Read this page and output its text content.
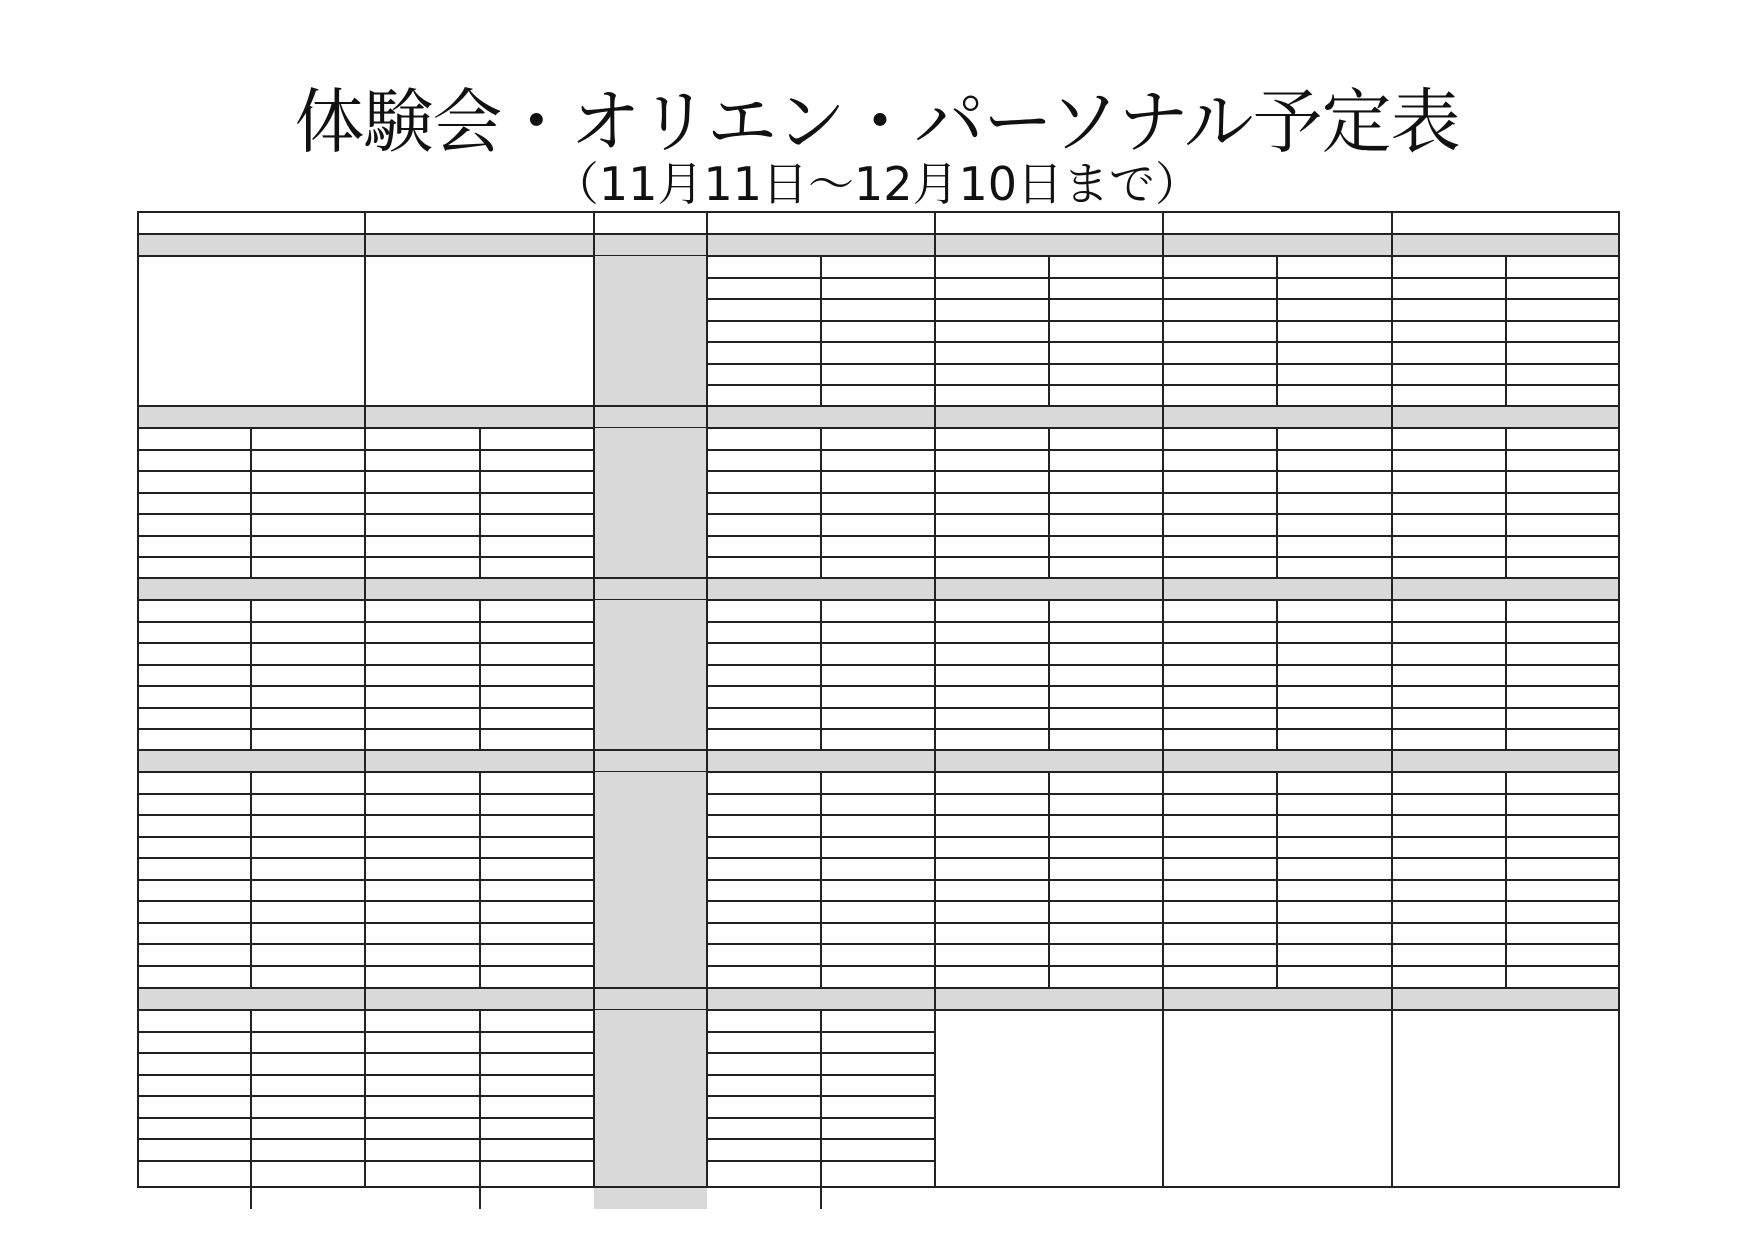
体験会・オリエン・パーソナル予定表
（11月11日～12月10日まで）
